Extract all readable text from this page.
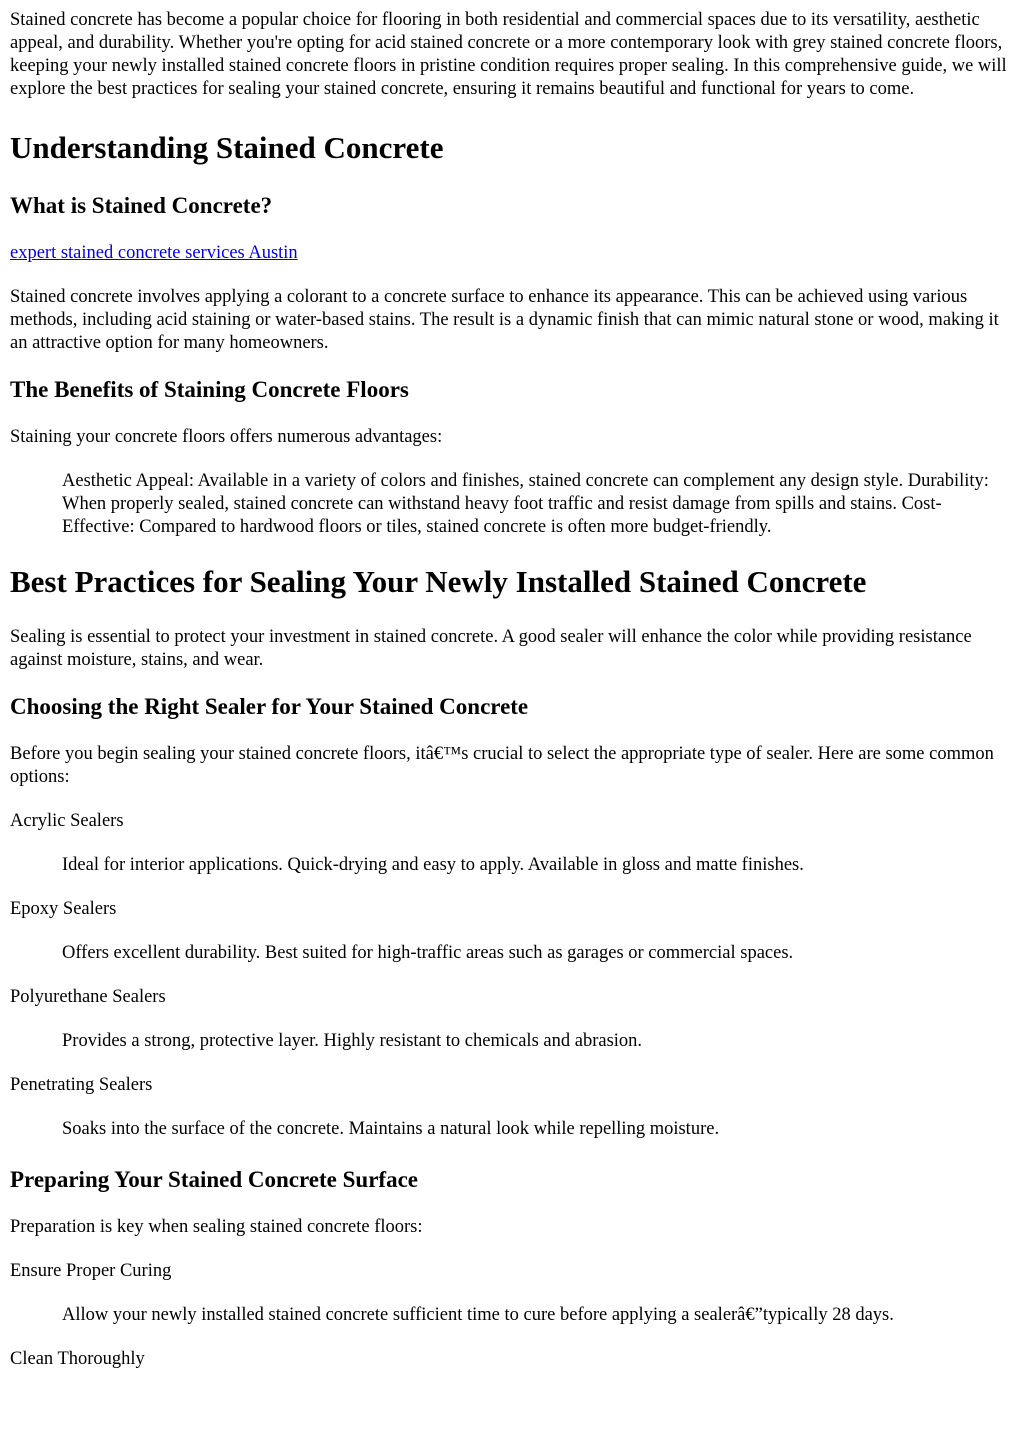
Stained concrete has become a popular choice for flooring in both residential and commercial spaces due to its versatility, aesthetic appeal, and durability. Whether you're opting for acid stained concrete or a more contemporary look with grey stained concrete floors, keeping your newly installed stained concrete floors in pristine condition requires proper sealing. In this comprehensive guide, we will explore the best practices for sealing your stained concrete, ensuring it remains beautiful and functional for years to come.

Understanding Stained Concrete
What is Stained Concrete?

expert stained concrete services Austin

Stained concrete involves applying a colorant to a concrete surface to enhance its appearance. This can be achieved using various methods, including acid staining or water-based stains. The result is a dynamic finish that can mimic natural stone or wood, making it an attractive option for many homeowners.

The Benefits of Staining Concrete Floors

Staining your concrete floors offers numerous advantages:

Aesthetic Appeal: Available in a variety of colors and finishes, stained concrete can complement any design style. Durability: When properly sealed, stained concrete can withstand heavy foot traffic and resist damage from spills and stains. Cost-Effective: Compared to hardwood floors or tiles, stained concrete is often more budget-friendly.

Best Practices for Sealing Your Newly Installed Stained Concrete

Sealing is essential to protect your investment in stained concrete. A good sealer will enhance the color while providing resistance against moisture, stains, and wear.

Choosing the Right Sealer for Your Stained Concrete

Before you begin sealing your stained concrete floors, itâ€™s crucial to select the appropriate type of sealer. Here are some common options:

Acrylic Sealers

Ideal for interior applications. Quick-drying and easy to apply. Available in gloss and matte finishes.

Epoxy Sealers

Offers excellent durability. Best suited for high-traffic areas such as garages or commercial spaces.

Polyurethane Sealers

Provides a strong, protective layer. Highly resistant to chemicals and abrasion.

Penetrating Sealers

Soaks into the surface of the concrete. Maintains a natural look while repelling moisture.

Preparing Your Stained Concrete Surface

Preparation is key when sealing stained concrete floors:

Ensure Proper Curing

Allow your newly installed stained concrete sufficient time to cure before applying a sealerâ€”typically 28 days.

Clean Thoroughly
